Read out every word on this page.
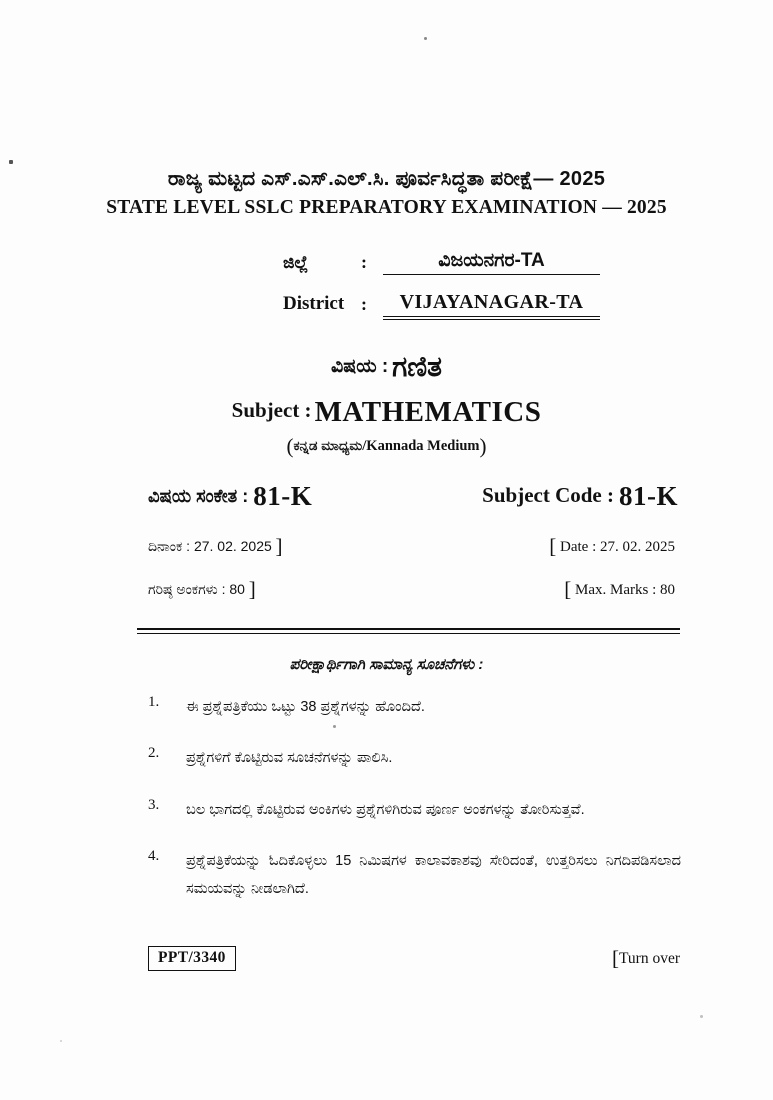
ರಾಜ್ಯ ಮಟ್ಟದ ಎಸ್.ಎಸ್.ಎಲ್.ಸಿ. ಪೂರ್ವಸಿದ್ಧತಾ ಪರೀಕ್ಷೆ— 2025
STATE LEVEL SSLC PREPARATORY EXAMINATION — 2025
ಜಿಲ್ಲೆ	:	ವಿಜಯನಗರ-TA
District :	VIJAYANAGAR-TA
ವಿಷಯ : ಗಣಿತ
Subject : MATHEMATICS
(ಕನ್ನಡ ಮಾಧ್ಯಮ/Kannada Medium)
ವಿಷಯ ಸಂಕೇತ : 81-K	Subject Code : 81-K
ದಿನಾಂಕ : 27. 02. 2025 ]	[ Date : 27. 02. 2025
ಗರಿಷ್ಠ ಅಂಕಗಳು : 80 ]	[ Max. Marks : 80
ಪರೀಕ್ಷಾರ್ಥಿಗಾಗಿ ಸಾಮಾನ್ಯ ಸೂಚನೆಗಳು :
1.	ಈ ಪ್ರಶ್ನೆಪತ್ರಿಕೆಯು ಒಟ್ಟು 38 ಪ್ರಶ್ನೆಗಳನ್ನು ಹೊಂದಿದೆ.
2.	ಪ್ರಶ್ನೆಗಳಿಗೆ ಕೊಟ್ಟಿರುವ ಸೂಚನೆಗಳನ್ನು ಪಾಲಿಸಿ.
3.	ಬಲ ಭಾಗದಲ್ಲಿ ಕೊಟ್ಟಿರುವ ಅಂಕಿಗಳು ಪ್ರಶ್ನೆಗಳಿಗಿರುವ ಪೂರ್ಣ ಅಂಕಗಳನ್ನು ತೋರಿಸುತ್ತವೆ.
4.	ಪ್ರಶ್ನೆಪತ್ರಿಕೆಯನ್ನು ಓದಿಕೊಳ್ಳಲು 15 ನಿಮಿಷಗಳ ಕಾಲಾವಕಾಶವು ಸೇರಿದಂತೆ, ಉತ್ತರಿಸಲು ನಿಗದಿಪಡಿಸಲಾದ ಸಮಯವನ್ನು ನೀಡಲಾಗಿದೆ.
PPT/3340	[Turn over
